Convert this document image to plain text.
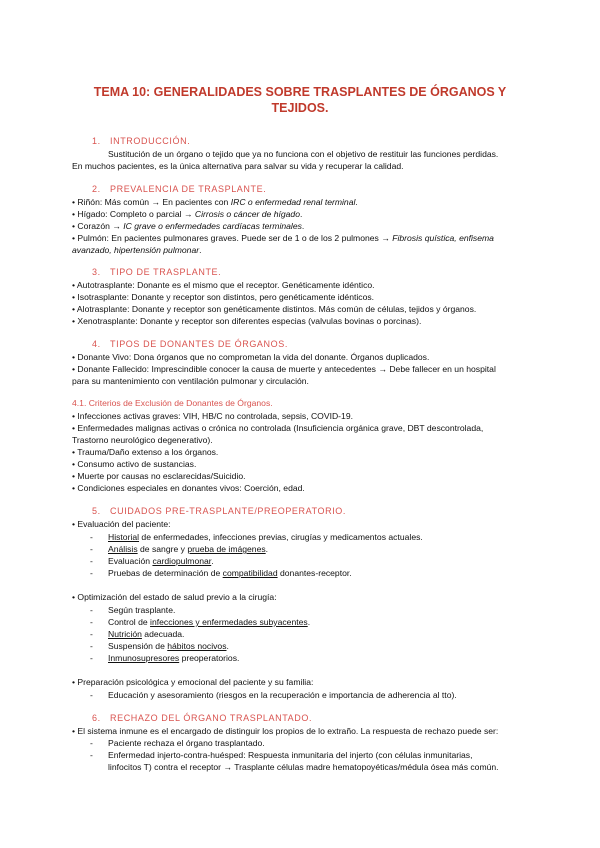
TEMA 10: GENERALIDADES SOBRE TRASPLANTES DE ÓRGANOS Y
TEJIDOS.
1. INTRODUCCIÓN.
Sustitución de un órgano o tejido que ya no funciona con el objetivo de restituir las funciones perdidas.
En muchos pacientes, es la única alternativa para salvar su vida y recuperar la calidad.
2. PREVALENCIA DE TRASPLANTE.
• Riñón: Más común → En pacientes con IRC o enfermedad renal terminal.
• Hígado: Completo o parcial → Cirrosis o cáncer de hígado.
• Corazón → IC grave o enfermedades cardíacas terminales.
• Pulmón: En pacientes pulmonares graves. Puede ser de 1 o de los 2 pulmones → Fibrosis quística, enfisema
avanzado, hipertensión pulmonar.
3. TIPO DE TRASPLANTE.
• Autotrasplante: Donante es el mismo que el receptor. Genéticamente idéntico.
• Isotrasplante: Donante y receptor son distintos, pero genéticamente idénticos.
• Alotrasplante: Donante y receptor son genéticamente distintos. Más común de células, tejidos y órganos.
• Xenotrasplante: Donante y receptor son diferentes especias (valvulas bovinas o porcinas).
4. TIPOS DE DONANTES DE ÓRGANOS.
• Donante Vivo: Dona órganos que no comprometan la vida del donante. Órganos duplicados.
• Donante Fallecido: Imprescindible conocer la causa de muerte y antecedentes → Debe fallecer en un hospital
para su mantenimiento con ventilación pulmonar y circulación.
4.1. Criterios de Exclusión de Donantes de Órganos.
• Infecciones activas graves: VIH, HB/C no controlada, sepsis, COVID-19.
• Enfermedades malignas activas o crónica no controlada (Insuficiencia orgánica grave, DBT descontrolada,
Trastorno neurológico degenerativo).
• Trauma/Daño extenso a los órganos.
• Consumo activo de sustancias.
• Muerte por causas no esclarecidas/Suicidio.
• Condiciones especiales en donantes vivos: Coerción, edad.
5. CUIDADOS PRE-TRASPLANTE/PREOPERATORIO.
• Evaluación del paciente:
- Historial de enfermedades, infecciones previas, cirugías y medicamentos actuales.
- Análisis de sangre y prueba de imágenes.
- Evaluación cardiopulmonar.
- Pruebas de determinación de compatibilidad donantes-receptor.
• Optimización del estado de salud previo a la cirugía:
- Según trasplante.
- Control de infecciones y enfermedades subyacentes.
- Nutrición adecuada.
- Suspensión de hábitos nocivos.
- Inmunosupresores preoperatorios.
• Preparación psicológica y emocional del paciente y su familia:
- Educación y asesoramiento (riesgos en la recuperación e importancia de adherencia al tto).
6. RECHAZO DEL ÓRGANO TRASPLANTADO.
• El sistema inmune es el encargado de distinguir los propios de lo extraño. La respuesta de rechazo puede ser:
- Paciente rechaza el órgano trasplantado.
- Enfermedad injerto-contra-huésped: Respuesta inmunitaria del injerto (con células inmunitarias,
linfocitos T) contra el receptor → Trasplante células madre hematopoyéticas/médula ósea más común.
